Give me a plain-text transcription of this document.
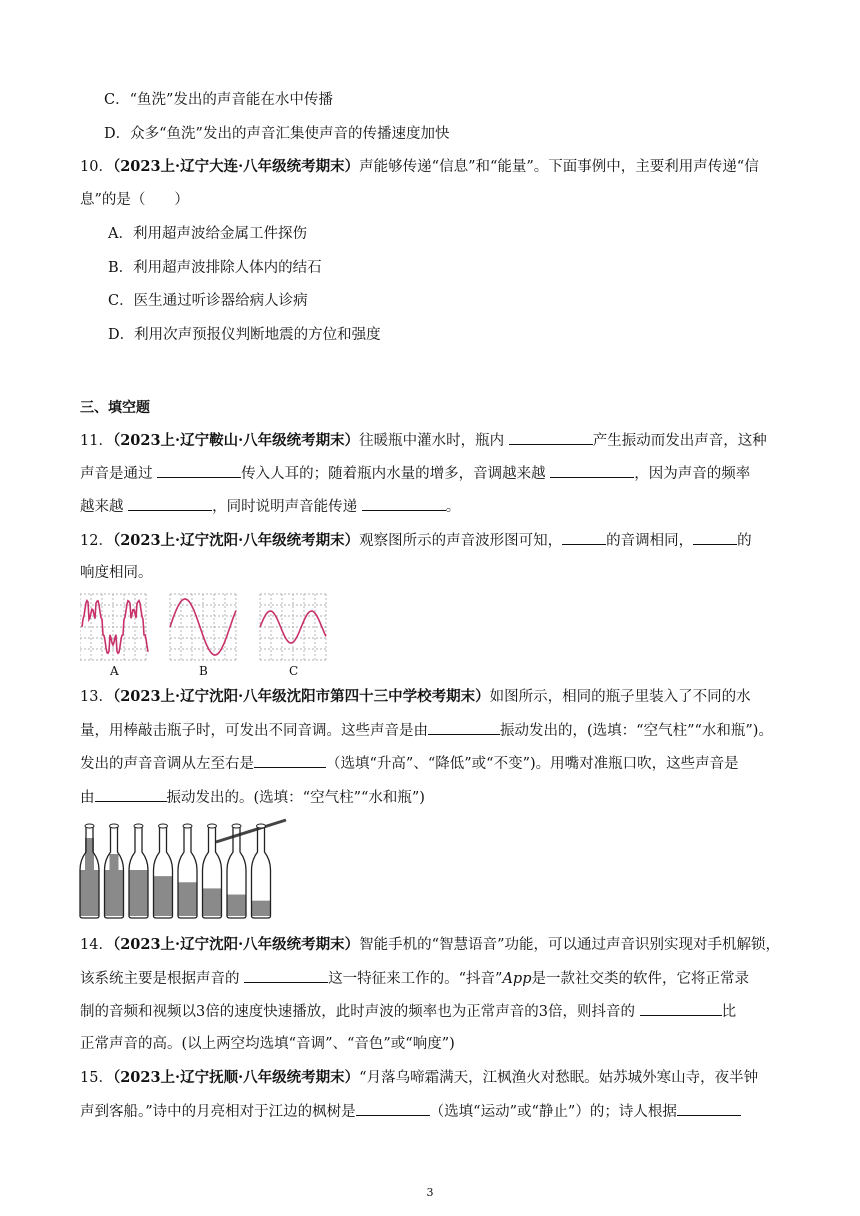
C．“鱼洗”发出的声音能在水中传播
D．众多“鱼洗”发出的声音汇集使声音的传播速度加快
10．（2023上·辽宁大连·八年级统考期末）声能够传递“信息”和“能量”。下面事例中，主要利用声传递“信
息”的是（　　）
A．利用超声波给金属工件探伤
B．利用超声波排除人体内的结石
C．医生通过听诊器给病人诊病
D．利用次声预报仪判断地震的方位和强度
三、填空题
11．（2023上·辽宁鞍山·八年级统考期末）往暖瓶中灌水时，瓶内	产生振动而发出声音，这种
声音是通过	传入人耳的；随着瓶内水量的增多，音调越来越	，因为声音的频率
越来越	，同时说明声音能传递	。
12．（2023上·辽宁沈阳·八年级统考期末）观察图所示的声音波形图可知，	的音调相同，	的
响度相同。
A	B	C
13．（2023上·辽宁沈阳·八年级沈阳市第四十三中学校考期末）如图所示，相同的瓶子里装入了不同的水
量，用棒敲击瓶子时，可发出不同音调。这些声音是由	振动发出的，(选填：“空气柱”“水和瓶”)。
发出的声音音调从左至右是	（选填“升高”、“降低”或“不变”)。用嘴对准瓶口吹，这些声音是
由	振动发出的。(选填：“空气柱”“水和瓶”)
14．（2023上·辽宁沈阳·八年级统考期末）智能手机的“智慧语音”功能，可以通过声音识别实现对手机解锁，
该系统主要是根据声音的	这一特征来工作的。“抖音”App是一款社交类的软件，它将正常录
制的音频和视频以3倍的速度快速播放，此时声波的频率也为正常声音的3倍，则抖音的	比
正常声音的高。(以上两空均选填“音调”、“音色”或“响度”)
15．（2023上·辽宁抚顺·八年级统考期末）“月落乌啼霜满天，江枫渔火对愁眠。姑苏城外寒山寺，夜半钟
声到客船。”诗中的月亮相对于江边的枫树是	（选填“运动”或“静止”）的；诗人根据
3
